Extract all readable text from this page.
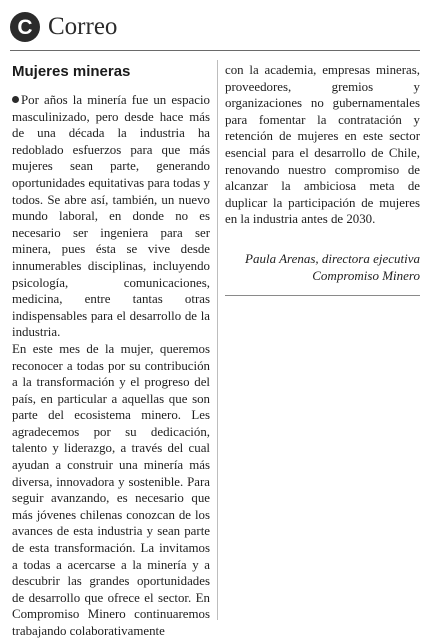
C Correo
Mujeres mineras

Por años la minería fue un espacio masculinizado, pero desde hace más de una década la industria ha redoblado esfuerzos para que más mujeres sean parte, generando oportunidades equitativas para todas y todos. Se abre así, también, un nuevo mundo laboral, en donde no es necesario ser ingeniera para ser minera, pues ésta se vive desde innumerables disciplinas, incluyendo psicología, comunicaciones, medicina, entre tantas otras indispensables para el desarrollo de la industria.

En este mes de la mujer, queremos reconocer a todas por su contribución a la transformación y el progreso del país, en particular a aquellas que son parte del ecosistema minero. Les agradecemos por su dedicación, talento y liderazgo, a través del cual ayudan a construir una minería más diversa, innovadora y sostenible. Para seguir avanzando, es necesario que más jóvenes chilenas conozcan de los avances de esta industria y sean parte de esta transformación. La invitamos a todas a acercarse a la minería y a descubrir las grandes oportunidades de desarrollo que ofrece el sector. En Compromiso Minero continuaremos trabajando colaborativamente

con la academia, empresas mineras, proveedores, gremios y organizaciones no gubernamentales para fomentar la contratación y retención de mujeres en este sector esencial para el desarrollo de Chile, renovando nuestro compromiso de alcanzar la ambiciosa meta de duplicar la participación de mujeres en la industria antes de 2030.

Paula Arenas, directora ejecutiva
Compromiso Minero
